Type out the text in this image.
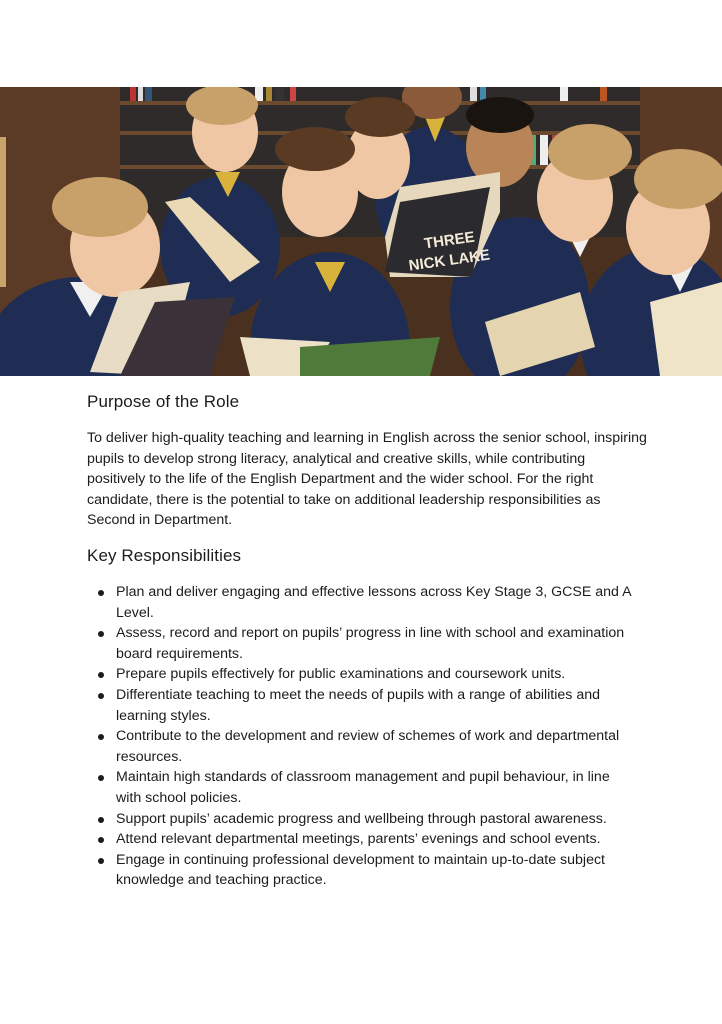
THREE
NICK LAKE
Purpose of the Role

To deliver high-quality teaching and learning in English across the senior school, inspiring pupils to develop strong literacy, analytical and creative skills, while contributing positively to the life of the English Department and the wider school. For the right candidate, there is the potential to take on additional leadership responsibilities as Second in Department.

Key Responsibilities
Plan and deliver engaging and effective lessons across Key Stage 3, GCSE and A Level.
Assess, record and report on pupils’ progress in line with school and examination board requirements.
Prepare pupils effectively for public examinations and coursework units.
Differentiate teaching to meet the needs of pupils with a range of abilities and learning styles.
Contribute to the development and review of schemes of work and departmental resources.
Maintain high standards of classroom management and pupil behaviour, in line with school policies.
Support pupils’ academic progress and wellbeing through pastoral awareness.
Attend relevant departmental meetings, parents’ evenings and school events.
Engage in continuing professional development to maintain up-to-date subject knowledge and teaching practice.
